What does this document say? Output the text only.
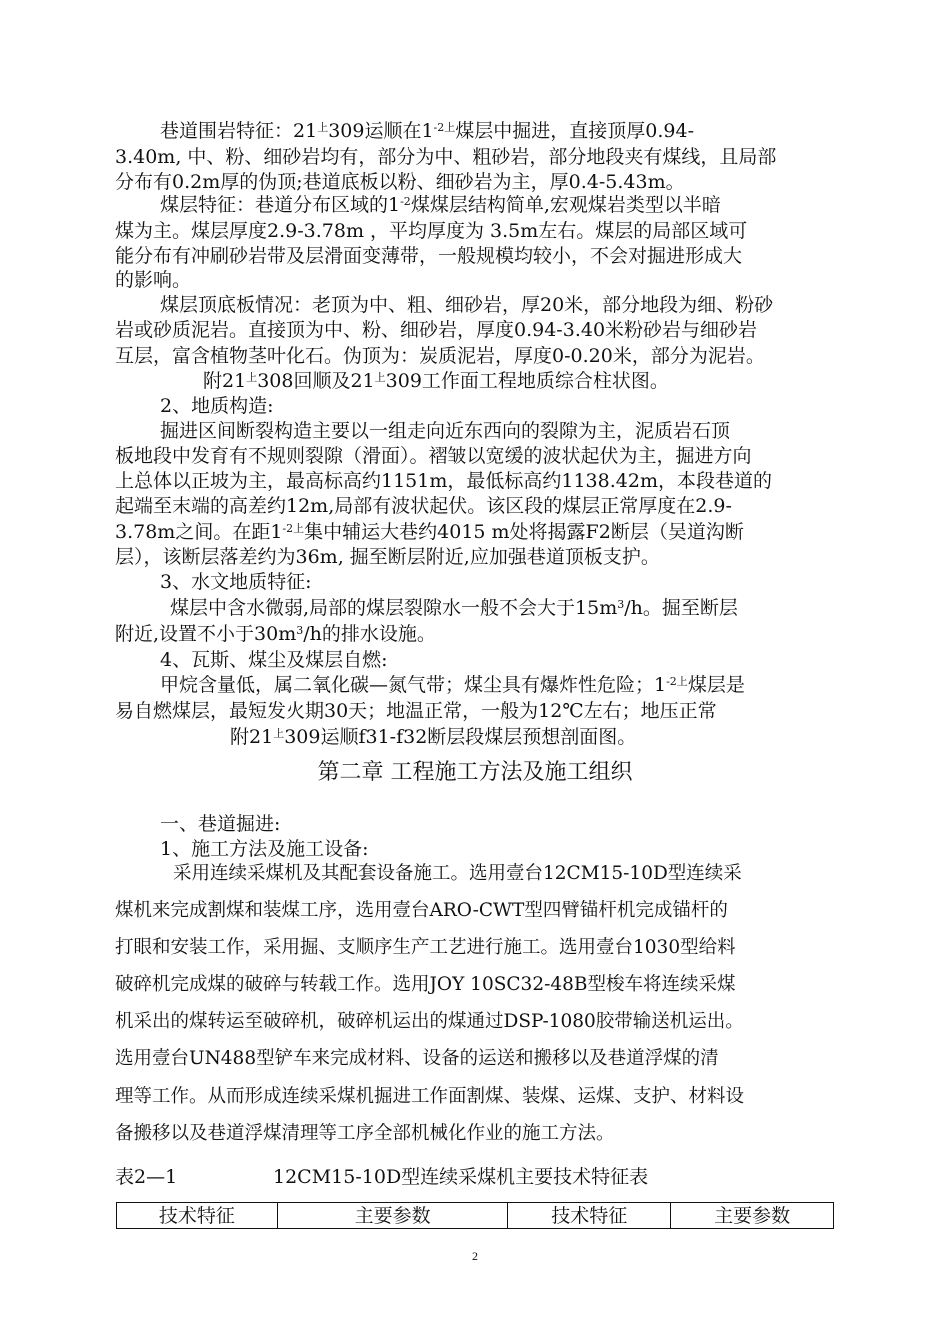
巷道围岩特征：$21^上309$运顺在$1^{-2上}$煤层中掘进，直接顶厚0.94-
3.40m, 中、粉、细砂岩均有，部分为中、粗砂岩，部分地段夹有煤线，且局部
分布有0.2m厚的伪顶;巷道底板以粉、细砂岩为主，厚0.4-5.43m。
煤层特征：巷道分布区域的$1^{-2}$煤煤层结构简单,宏观煤岩类型以半暗
煤为主。煤层厚度2.9-3.78m ，平均厚度为 3.5m左右。煤层的局部区域可
能分布有冲刷砂岩带及层滑面变薄带，一般规模均较小，不会对掘进形成大
的影响。
煤层顶底板情况：老顶为中、粗、细砂岩，厚20米，部分地段为细、粉砂
岩或砂质泥岩。直接顶为中、粉、细砂岩，厚度0.94-3.40米粉砂岩与细砂岩
互层，富含植物茎叶化石。伪顶为：炭质泥岩，厚度0-0.20米，部分为泥岩。
附$21^上308$回顺及$21^上309$工作面工程地质综合柱状图。
2、地质构造:
掘进区间断裂构造主要以一组走向近东西向的裂隙为主，泥质岩石顶
板地段中发育有不规则裂隙（滑面）。褶皱以宽缓的波状起伏为主，掘进方向
上总体以正坡为主，最高标高约1151m，最低标高约1138.42m，本段巷道的
起端至末端的高差约12m,局部有波状起伏。该区段的煤层正常厚度在2.9-
3.78m之间。在距$1^{-2上}$集中辅运大巷约4015 m处将揭露F2断层（吴道沟断
层），该断层落差约为36m, 掘至断层附近,应加强巷道顶板支护。
3、水文地质特征:
煤层中含水微弱,局部的煤层裂隙水一般不会大于$15m^3/h$。掘至断层
附近,设置不小于$30m^3/h$的排水设施。
4、瓦斯、煤尘及煤层自燃:
甲烷含量低，属二氧化碳—氮气带；煤尘具有爆炸性危险；$1^{-2上}$煤层是
易自燃煤层，最短发火期30天；地温正常，一般为12℃左右；地压正常
附$21^上309$运顺f31-f32断层段煤层预想剖面图。
第二章 工程施工方法及施工组织
一、巷道掘进:
1、施工方法及施工设备:
采用连续采煤机及其配套设备施工。选用壹台12CM15-10D型连续采
煤机来完成割煤和装煤工序，选用壹台ARO-CWT型四臂锚杆机完成锚杆的
打眼和安装工作，采用掘、支顺序生产工艺进行施工。选用壹台1030型给料
破碎机完成煤的破碎与转载工作。选用JOY 10SC32-48B型梭车将连续采煤
机采出的煤转运至破碎机，破碎机运出的煤通过DSP-1080胶带输送机运出。
选用壹台UN488型铲车来完成材料、设备的运送和搬移以及巷道浮煤的清
理等工作。从而形成连续采煤机掘进工作面割煤、装煤、运煤、支护、材料设
备搬移以及巷道浮煤清理等工序全部机械化作业的施工方法。
表2—1	12CM15-10D型连续采煤机主要技术特征表
技术特征	主要参数	技术特征	主要参数
2
